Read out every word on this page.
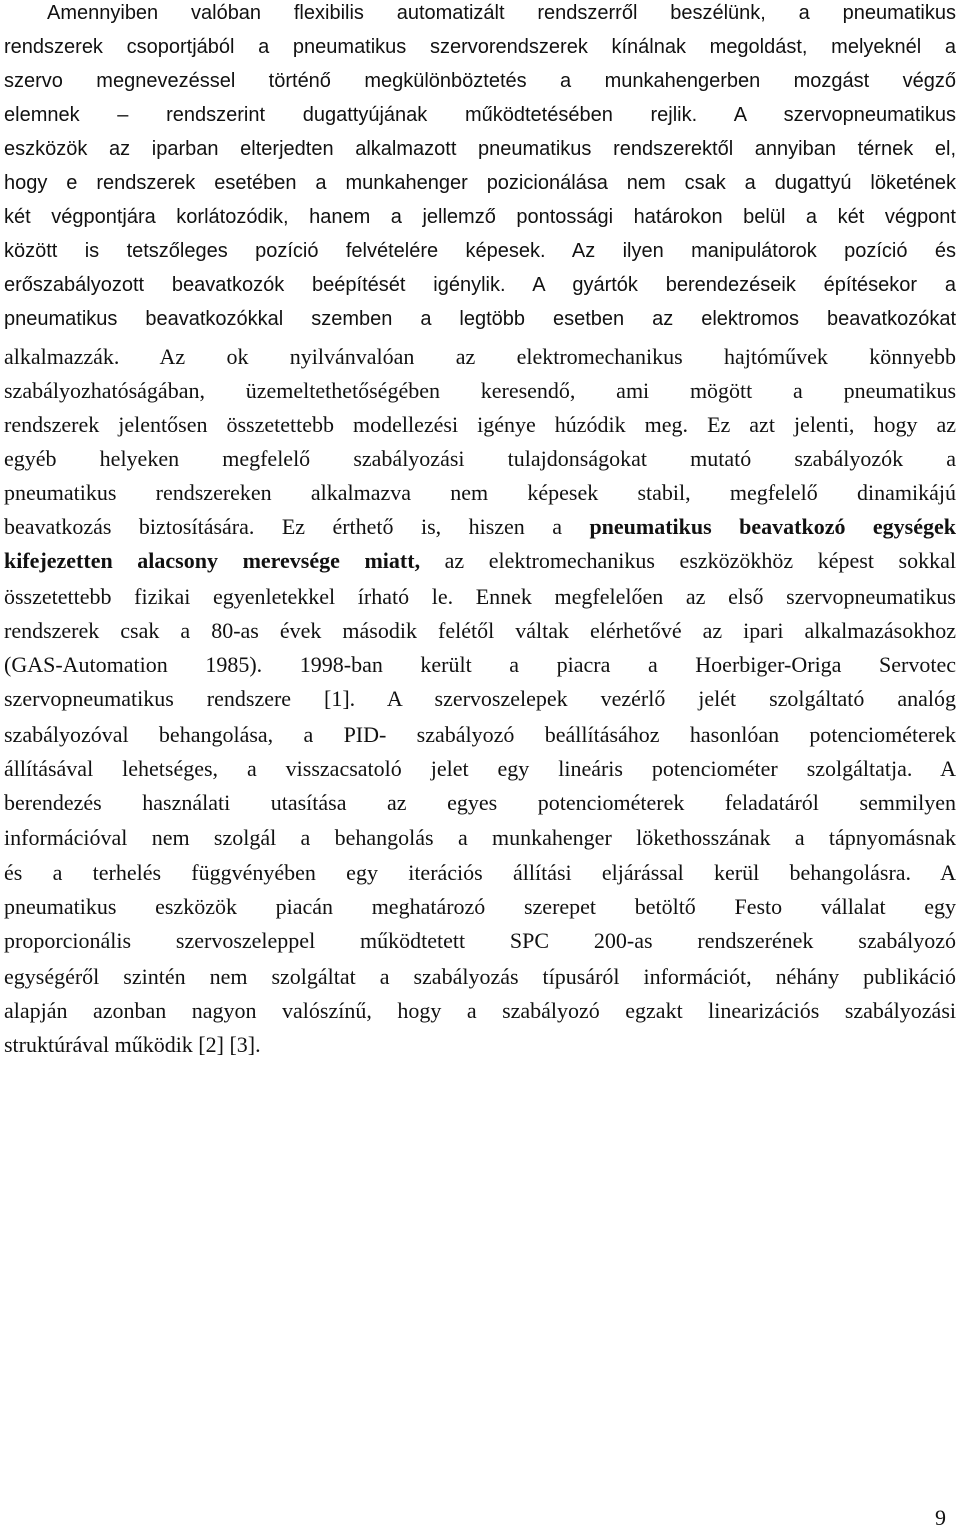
Amennyiben valóban flexibilis automatizált rendszerről beszélünk, a pneumatikus
rendszerek csoportjából a pneumatikus szervorendszerek kínálnak megoldást, melyeknél a
szervo megnevezéssel történő megkülönböztetés a munkahengerben mozgást végző
elemnek – rendszerint dugattyújának működtetésében rejlik. A szervopneumatikus
eszközök az iparban elterjedten alkalmazott pneumatikus rendszerektől annyiban térnek el,
hogy e rendszerek esetében a munkahenger pozicionálása nem csak a dugattyú löketének
két végpontjára korlátozódik, hanem a jellemző pontossági határokon belül a két végpont
között is tetszőleges pozíció felvételére képesek. Az ilyen manipulátorok pozíció és
erőszabályozott beavatkozók beépítését igénylik. A gyártók berendezéseik építésekor a
pneumatikus beavatkozókkal szemben a legtöbb esetben az elektromos beavatkozókat
alkalmazzák. Az ok nyilvánvalóan az elektromechanikus hajtóművek könnyebb
szabályozhatóságában, üzemeltethetőségében keresendő, ami mögött a pneumatikus
rendszerek jelentősen összetettebb modellezési igénye húzódik meg. Ez azt jelenti, hogy az
egyéb helyeken megfelelő szabályozási tulajdonságokat mutató szabályozók a
pneumatikus rendszereken alkalmazva nem képesek stabil, megfelelő dinamikájú
beavatkozás biztosítására. Ez érthető is, hiszen a pneumatikus beavatkozó egységek
kifejezetten alacsony merevsége miatt, az elektromechanikus eszközökhöz képest sokkal
összetettebb fizikai egyenletekkel írható le. Ennek megfelelően az első szervopneumatikus
rendszerek csak a 80-as évek második felétől váltak elérhetővé az ipari alkalmazásokhoz
(GAS-Automation 1985). 1998-ban került a piacra a Hoerbiger-Origa Servotec
szervopneumatikus rendszere [1]. A szervoszelepek vezérlő jelét szolgáltató analóg
szabályozóval behangolása, a PID- szabályozó beállításához hasonlóan potenciométerek
állításával lehetséges, a visszacsatoló jelet egy lineáris potenciométer szolgáltatja. A
berendezés használati utasítása az egyes potenciométerek feladatáról semmilyen
információval nem szolgál a behangolás a munkahenger lökethosszának a tápnyomásnak
és a terhelés függvényében egy iterációs állítási eljárással kerül behangolásra. A
pneumatikus eszközök piacán meghatározó szerepet betöltő Festo vállalat egy
proporcionális szervoszeleppel működtetett SPC 200-as rendszerének szabályozó
egységéről szintén nem szolgáltat a szabályozás típusáról információt, néhány publikáció
alapján azonban nagyon valószínű, hogy a szabályozó egzakt linearizációs szabályozási
struktúrával működik [2] [3].
9
